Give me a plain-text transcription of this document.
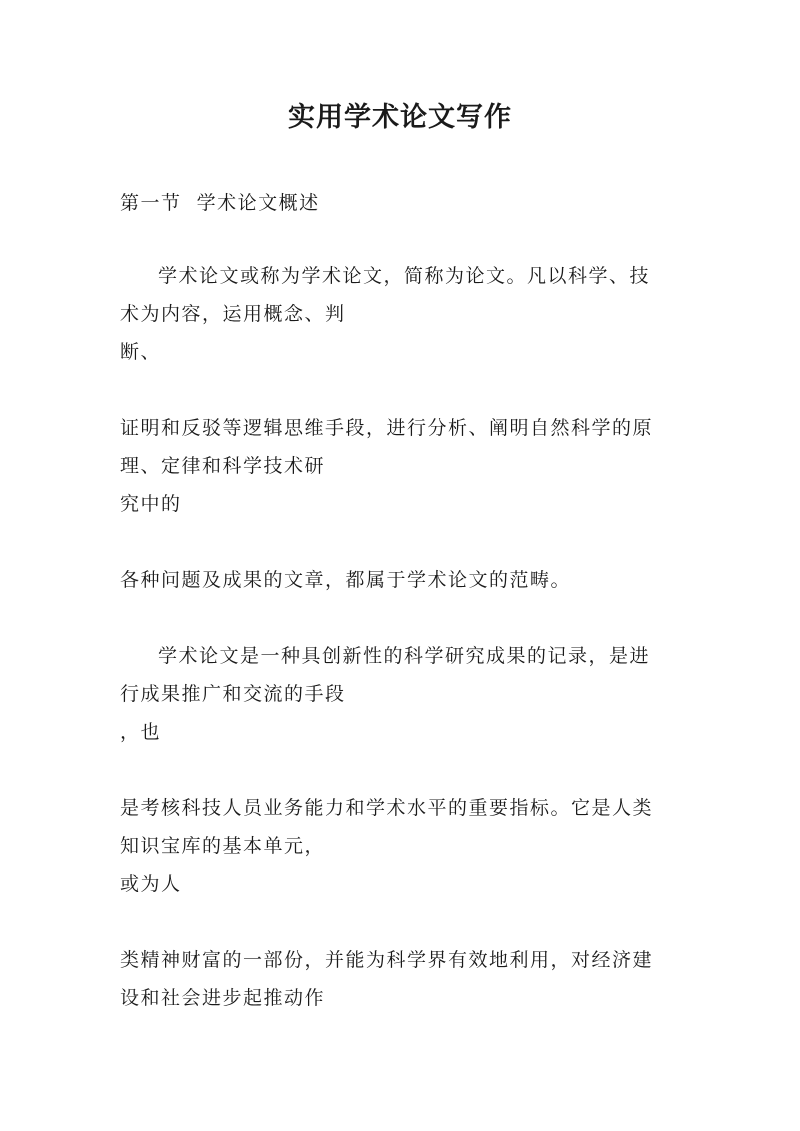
实用学术论文写作
第一节  学术论文概述
学术论文或称为学术论文，简称为论文。凡以科学、技
术为内容，运用概念、判
断、
证明和反驳等逻辑思维手段，进行分析、阐明自然科学的原
理、定律和科学技术研
究中的
各种问题及成果的文章，都属于学术论文的范畴。
学术论文是一种具创新性的科学研究成果的记录，是进
行成果推广和交流的手段
，也
是考核科技人员业务能力和学术水平的重要指标。它是人类
知识宝库的基本单元，
或为人
类精神财富的一部份，并能为科学界有效地利用，对经济建
设和社会进步起推动作
